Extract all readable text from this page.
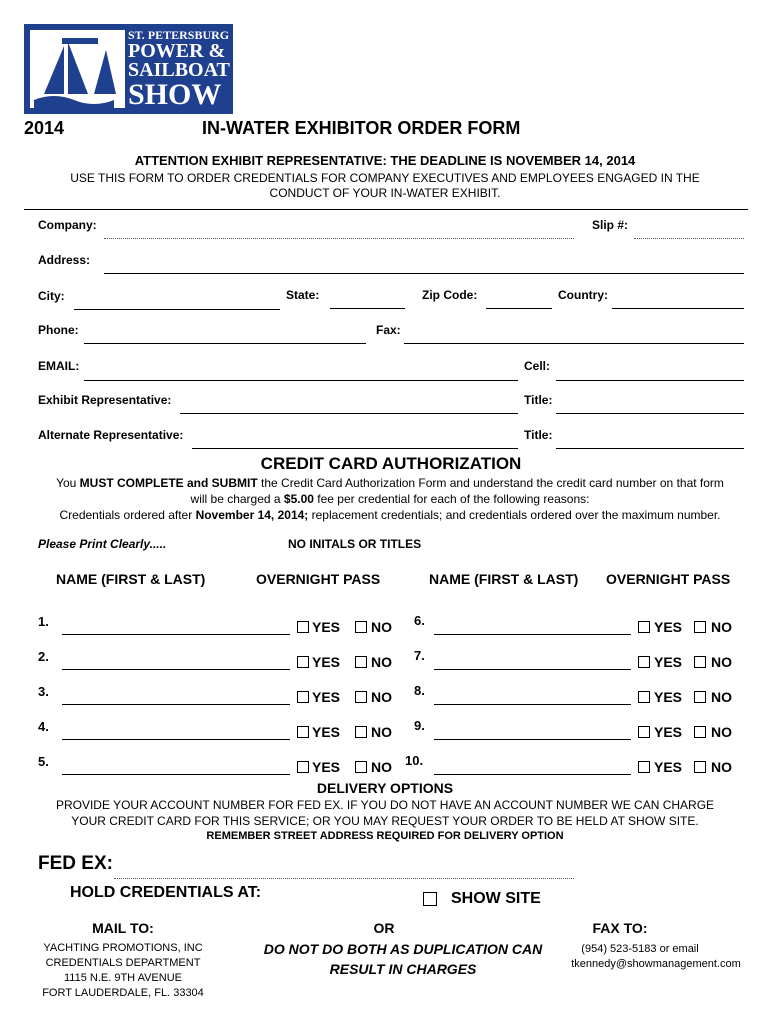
ST. PETERSBURG
POWER &
SAILBOAT
SHOW
2014	IN-WATER EXHIBITOR ORDER FORM
ATTENTION EXHIBIT REPRESENTATIVE: THE DEADLINE IS NOVEMBER 14, 2014
USE THIS FORM TO ORDER CREDENTIALS FOR COMPANY EXECUTIVES AND EMPLOYEES ENGAGED IN THE
CONDUCT OF YOUR IN-WATER EXHIBIT.
Company:	Slip #:
Address:
City:	State:	Zip Code:	Country:
Phone:	Fax:
EMAIL:	Cell:
Exhibit Representative:	Title:
Alternate Representative:	Title:
CREDIT CARD AUTHORIZATION
You MUST COMPLETE and SUBMIT the Credit Card Authorization Form and understand the credit card number on that form
will be charged a $5.00 fee per credential for each of the following reasons:
Credentials ordered after November 14, 2014; replacement credentials; and credentials ordered over the maximum number.
Please Print Clearly.....	NO INITALS OR TITLES
NAME (FIRST & LAST)	OVERNIGHT PASS	NAME (FIRST & LAST) OVERNIGHT PASS
1.	YES NO 6.	YES NO
2.	YES NO 7.	YES NO
3.	YES NO 8.	YES NO
4.	YES NO 9.	YES NO
5.	YES NO 10.	YES NO
DELIVERY OPTIONS
PROVIDE YOUR ACCOUNT NUMBER FOR FED EX. IF YOU DO NOT HAVE AN ACCOUNT NUMBER WE CAN CHARGE
YOUR CREDIT CARD FOR THIS SERVICE; OR YOU MAY REQUEST YOUR ORDER TO BE HELD AT SHOW SITE.
REMEMBER STREET ADDRESS REQUIRED FOR DELIVERY OPTION
FED EX:
HOLD CREDENTIALS AT:	SHOW SITE
MAIL TO:
YACHTING PROMOTIONS, INC
CREDENTIALS DEPARTMENT
1115 N.E. 9TH AVENUE
FORT LAUDERDALE, FL. 33304
OR
DO NOT DO BOTH AS DUPLICATION CAN
RESULT IN CHARGES
FAX TO:
(954) 523-5183 or email
tkennedy@showmanagement.com
